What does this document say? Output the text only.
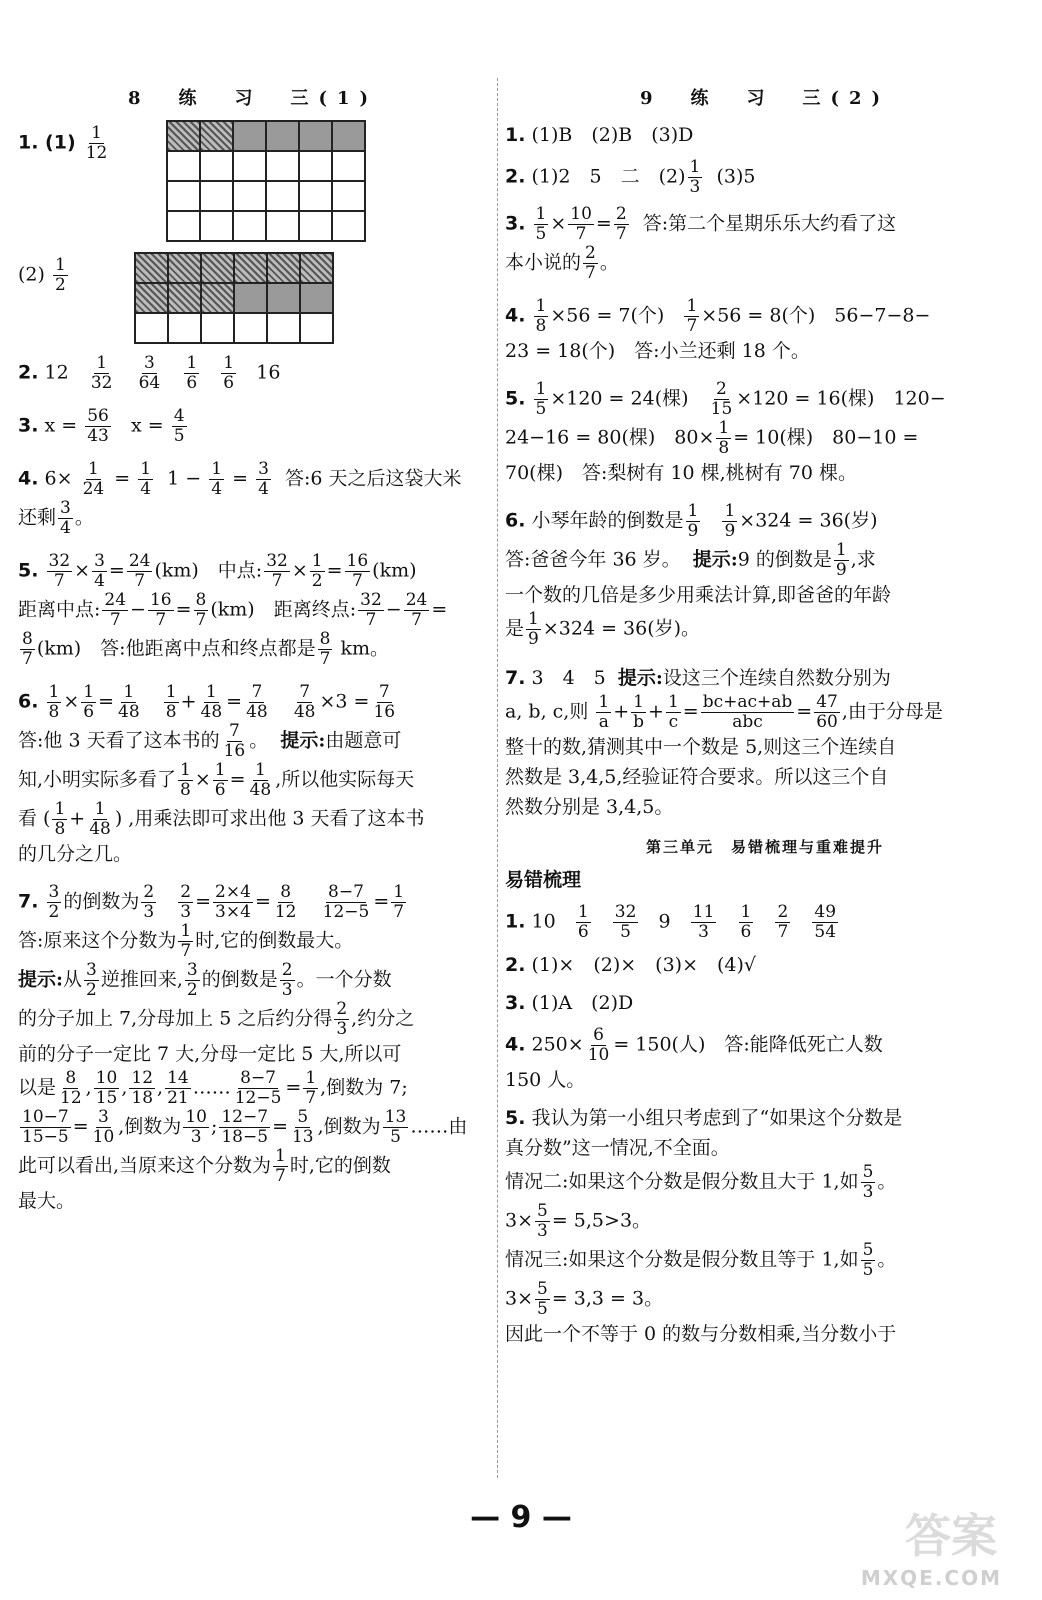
8　练　习　三(1)
1. $(1) \frac{1}{12}$

$(2) \frac{1}{2}$

2. $12 \frac{1}{32}$
$\frac{3}{64}$
$\frac{1}{6}$
$\frac{1}{6} 16$
3. $x = \frac{56}{43}$ $x = \frac{4}{5}$
4. $6\times \frac{1}{24} = \frac{1}{4} 1 - \frac{1}{4} = \frac{3}{4}$ 答:6 天之后这袋大米
还剩 $\frac{3}{4}$ 。
5. $\frac{32}{7} \times \frac{3}{4} = \frac{24}{7} (km)$　中点: $\frac{32}{7} \times \frac{1}{2} = \frac{16}{7} (km)$
距离中点: $\frac{24}{7} - \frac{16}{7} = \frac{8}{7} (km)$　距离终点: $\frac{32}{7} - \frac{24}{7}$ =

$\frac{8}{7} (km)$　答:他距离中点和终点都是 $\frac{8}{7}$ km。
6. $\frac{1}{8} \times \frac{1}{6} = \frac{1}{48}$
$\frac{1}{8} + \frac{1}{48} = \frac{7}{48}$
$\frac{7}{48} \times 3 = \frac{7}{16}$

答:他 3 天看了这本书的 $\frac{7}{16}$ 。 提示:由题意可
知,小明实际多看了 $\frac{1}{8} \times \frac{1}{6} = \frac{1}{48}$ ,所以他实际每天
看 ( $\frac{1}{8} + \frac{1}{48}$ ) ,用乘法即可求出他 3 天看了这本书
的几分之几。
7. $\frac{3}{2}$ 的倒数为 $\frac{2}{3}$
$\frac{2}{3} = \frac{2\times 4}{3\times 4} = \frac{8}{12}$
$\frac{8-7}{12-5} = \frac{1}{7}$

答:原来这个分数为 $\frac{1}{7}$ 时,它的倒数最大。
提示:从 $\frac{3}{2}$ 逆推回来, $\frac{3}{2}$ 的倒数是 $\frac{2}{3}$ 。一个分数
的分子加上 7,分母加上 5 之后约分得 $\frac{2}{3}$ ,约分之
前的分子一定比 7 大,分母一定比 5 大,所以可
以是 $\frac{8}{12}$ , $\frac{10}{15}$ , $\frac{12}{18}$ , $\frac{14}{21}$ …… $\frac{8-7}{12-5} = \frac{1}{7}$ ,倒数为 7;

$\frac{10-7}{15-5} = \frac{3}{10}$ ,倒数为 $\frac{10}{3}$ ; $\frac{12-7}{18-5} = \frac{5}{13}$ ,倒数为 $\frac{13}{5}$ ……由
此可以看出,当原来这个分数为 $\frac{1}{7}$ 时,它的倒数
最大。
9　练　习　三(2)
1. (1)B　(2)B　(3)D
2. (1)2　5　二　$(2) \frac{1}{3} (3)5$
3. $\frac{1}{5} \times \frac{10}{7} = \frac{2}{7}$ 答:第二个星期乐乐大约看了这
本小说的 $\frac{2}{7}$ 。
4. $\frac{1}{8} \times 56 = 7$(个) $\frac{1}{7} \times 56 = 8$(个)　56−7−8−
23 = 18(个)　答:小兰还剩 18 个。
5. $\frac{1}{5} \times 120 = 24$(棵) $\frac{2}{15} \times 120 = 16$(棵)　120−
24−16 = 80(棵)　$80\times \frac{1}{8} = 10$(棵)　80−10 =
70(棵)　答:梨树有 10 棵,桃树有 70 棵。
6. 小琴年龄的倒数是 $\frac{1}{9}$
$\frac{1}{9} \times 324 = 36$(岁)
答:爸爸今年 36 岁。 提示:9 的倒数是 $\frac{1}{9}$ ,求
一个数的几倍是多少用乘法计算,即爸爸的年龄
是 $\frac{1}{9} \times 324 = 36$(岁)。
7. 3　4　5 提示:设这三个连续自然数分别为
a, b, c,则 $\frac{1}{a} + \frac{1}{b} + \frac{1}{c} = \frac{bc+ac+ab}{\text{abc}} = \frac{47}{60}$ ,由于分母是
整十的数,猜测其中一个数是 5,则这三个连续自
然数是 3,4,5,经验证符合要求。所以这三个自
然数分别是 3,4,5。
第三单元　易错梳理与重难提升
易错梳理
1. $10 \frac{1}{6}$
$\frac{32}{5} 9 \frac{11}{3}$
$\frac{1}{6}$
$\frac{2}{7}$
$\frac{49}{54}$
2. (1)×　(2)×　(3)×　(4)√
3. (1)A　(2)D
4. $250\times \frac{6}{10} = 150$(人)　答:能降低死亡人数
150 人。
5. 我认为第一小组只考虑到了“如果这个分数是
真分数”这一情况,不全面。
情况二:如果这个分数是假分数且大于 1,如 $\frac{5}{3}$ 。
$3\times \frac{5}{3} = 5,5>3$。
情况三:如果这个分数是假分数且等于 1,如 $\frac{5}{5}$ 。
$3\times \frac{5}{5} = 3,3 = 3$。
因此一个不等于 0 的数与分数相乘,当分数小于
— 9 —	答案
MXQE.COM
